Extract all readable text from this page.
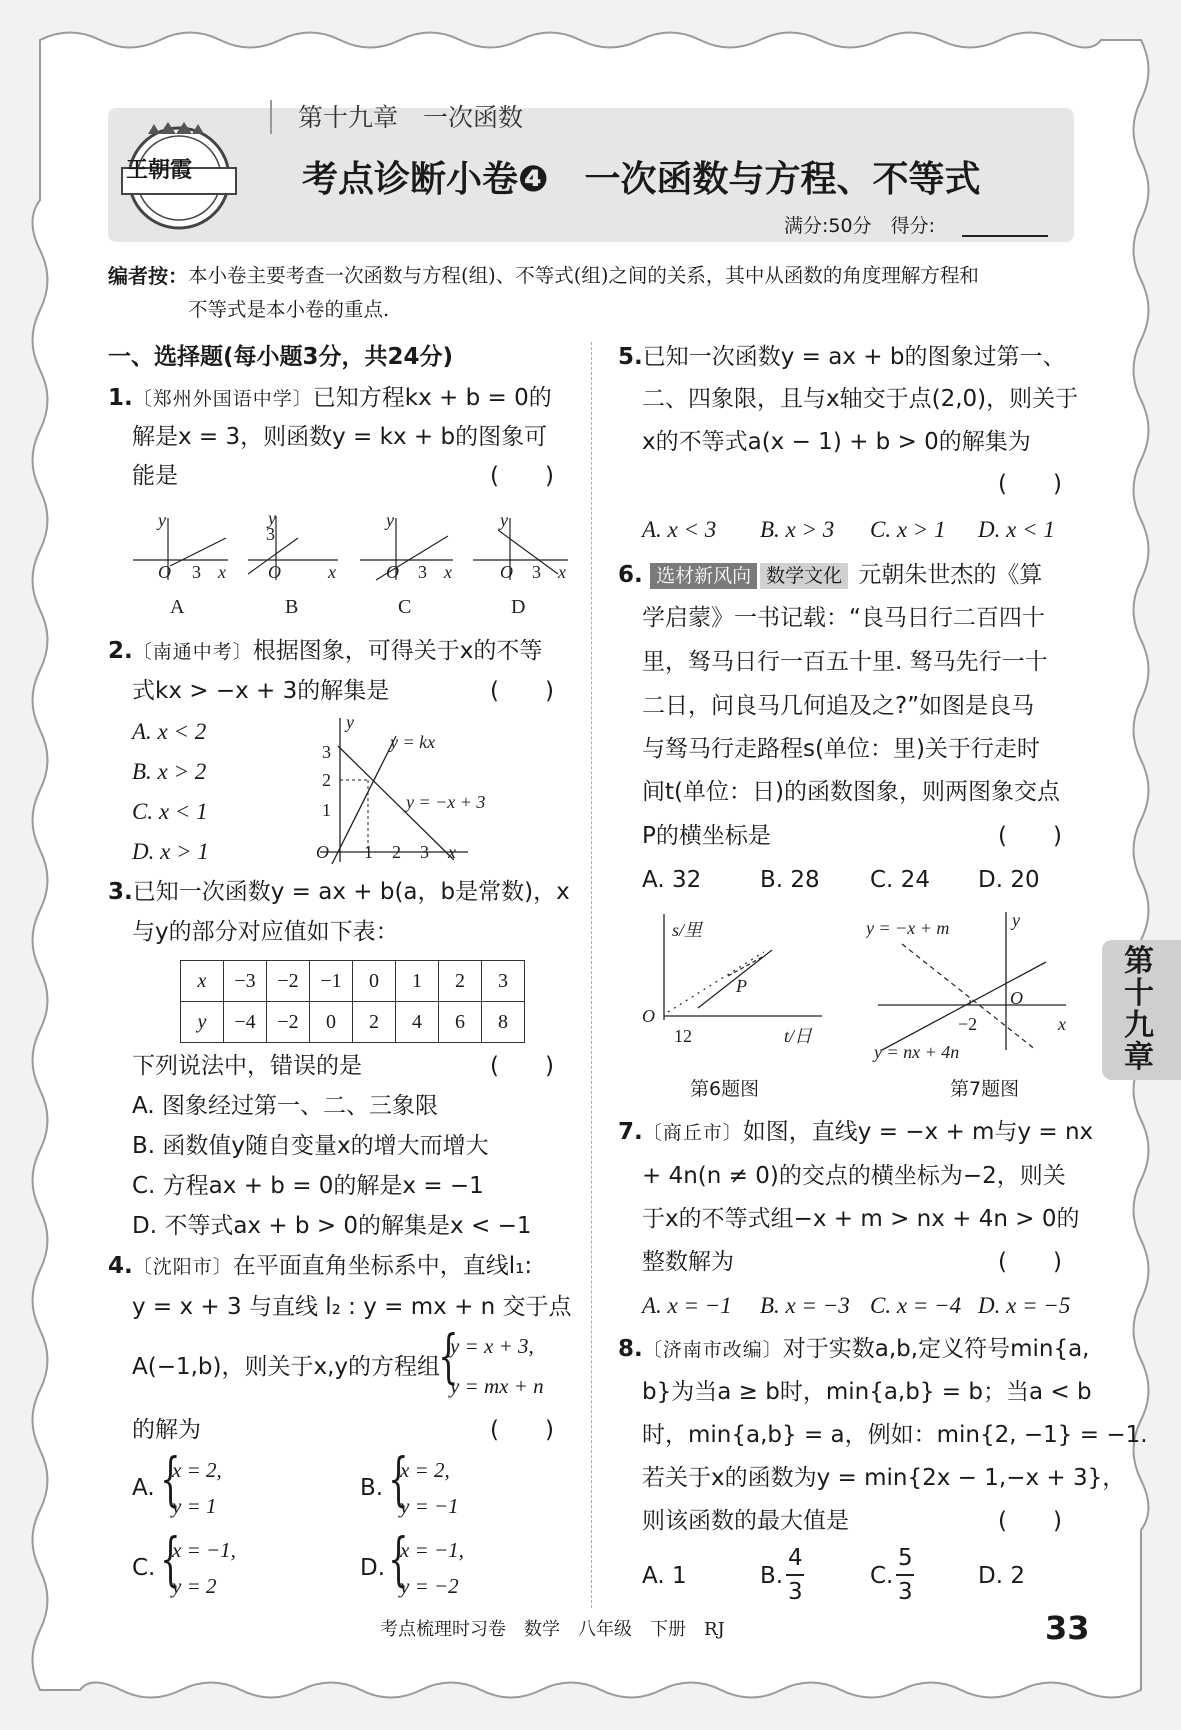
王朝霞
第十九章　一次函数
考点诊断小卷❹　一次函数与方程、不等式
满分:50分　得分:
编者按： 本小卷主要考查一次函数与方程(组)、不等式(组)之间的关系，其中从函数的角度理解方程和
不等式是本小卷的重点.
一、选择题(每小题3分，共24分)
1.〔郑州外国语中学〕已知方程kx + b = 0的
解是x = 3，则函数y = kx + b的图象可
能是	(　　)
y
O 3 x
y
3
O	x
y
O 3 x
y
O 3 x
A	B	C	D
2.〔南通中考〕根据图象，可得关于x的不等
式kx > −x + 3的解集是	(　　)
A. x < 2
B. x > 2
C. x < 1
D. x > 1
y
3
2
1
O 1 2 3 x
y = kx
y = −x + 3
3.已知一次函数y = ax + b(a，b是常数)，x
与y的部分对应值如下表：
x	−3	−2	−1	0	1	2	3
y	−4	−2	0	2	4	6	8
下列说法中，错误的是	(　　)
A. 图象经过第一、二、三象限
B. 函数值y随自变量x的增大而增大
C. 方程ax + b = 0的解是x = −1
D. 不等式ax + b > 0的解集是x < −1
4.〔沈阳市〕在平面直角坐标系中，直线l₁:
y = x + 3 与直线 l₂ : y = mx + n 交于点
A(−1,b)，则关于x,y的方程组
{
y = x + 3,
y = mx + n
的解为	(　　)
A. {
x = 2,
y = 1
B. {
x = 2,
y = −1
C. {
x = −1,
y = 2
D. {
x = −1,
y = −2
5.已知一次函数y = ax + b的图象过第一、
二、四象限，且与x轴交于点(2,0)，则关于
x的不等式a(x − 1) + b > 0的解集为
(　　)
A. x < 3 B. x > 3 C. x > 1 D. x < 1
6. 选材新风向 数学文化 元朝朱世杰的《算
学启蒙》一书记载：“良马日行二百四十
里，驽马日行一百五十里. 驽马先行一十
二日，问良马几何追及之?”如图是良马
与驽马行走路程s(单位：里)关于行走时
间t(单位：日)的函数图象，则两图象交点
P的横坐标是	(　　)
A. 32	B. 28 C. 24 D. 20
s/里
O
12
P
t/日
第6题图
y
y = −x + m
y = nx + 4n
−2
O
x
第7题图
7.〔商丘市〕如图，直线y = −x + m与y = nx
+ 4n(n ≠ 0)的交点的横坐标为−2，则关
于x的不等式组−x + m > nx + 4n > 0的
整数解为	(　　)
A. x = −1 B. x = −3 C. x = −4 D. x = −5
8.〔济南市改编〕对于实数a,b,定义符号min{a,
b}为当a ≥ b时，min{a,b} = b；当a < b
时，min{a,b} = a，例如：min{2, −1} = −1.
若关于x的函数为y = min{2x − 1,−x + 3}，
则该函数的最大值是	(　　)
A. 1	B.
4
3
C.
5
3
D. 2
第
十
九
章
考点梳理时习卷　数学　八年级　下册　RJ	33
